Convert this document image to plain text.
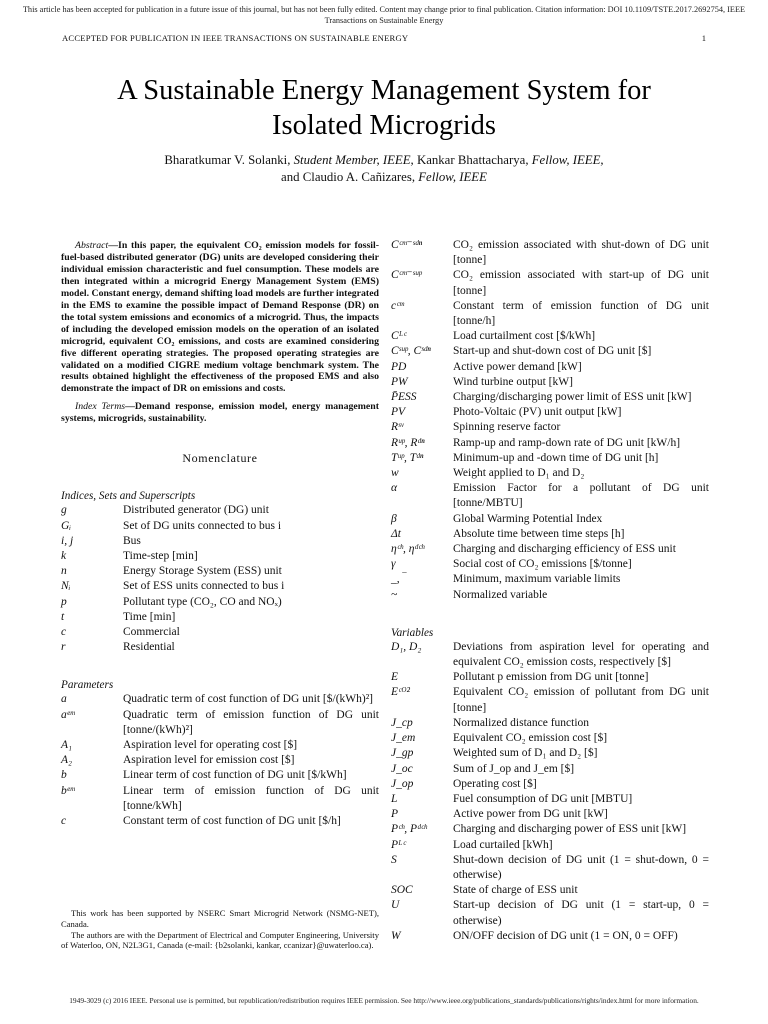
This article has been accepted for publication in a future issue of this journal, but has not been fully edited. Content may change prior to final publication. Citation information: DOI 10.1109/TSTE.2017.2692754, IEEE Transactions on Sustainable Energy
ACCEPTED FOR PUBLICATION IN IEEE TRANSACTIONS ON SUSTAINABLE ENERGY	1
A Sustainable Energy Management System for
Isolated Microgrids
Bharatkumar V. Solanki, Student Member, IEEE, Kankar Bhattacharya, Fellow, IEEE,
and Claudio A. Cañizares, Fellow, IEEE

Abstract—In this paper, the equivalent CO₂ emission models for fossil-fuel-based distributed generator (DG) units are developed considering their individual emission characteristic and fuel consumption. These models are then integrated within a microgrid Energy Management System (EMS) model. Constant energy, demand shifting load models are further integrated in the EMS to examine the possible impact of Demand Response (DR) on the total system emissions and economics of a microgrid. Thus, the impacts of including the developed emission models on the operation of an isolated microgrid, equivalent CO₂ emissions, and costs are examined considering five different operating strategies. The proposed operating strategies are validated on a modified CIGRE medium voltage benchmark system. The results obtained highlight the effectiveness of the proposed EMS and also demonstrate the impact of DR on emissions and costs.

Index Terms—Demand response, emission model, energy management systems, microgrids, sustainability.

Nomenclature
Indices, Sets and Superscripts
g	Distributed generator (DG) unit
Gᵢ	Set of DG units connected to bus i
i, j	Bus
k	Time-step [min]
n	Energy Storage System (ESS) unit
Nᵢ	Set of ESS units connected to bus i
p	Pollutant type (CO₂, CO and NOₓ)
t	Time [min]
c	Commercial
r	Residential
Parameters
a	Quadratic term of cost function of DG unit [$/(kWh)²]
aᵉᵐ	Quadratic term of emission function of DG unit [tonne/(kWh)²]
A₁	Aspiration level for operating cost [$]
A₂	Aspiration level for emission cost [$]
b	Linear term of cost function of DG unit [$/kWh]
bᵉᵐ	Linear term of emission function of DG unit [tonne/kWh]
c	Constant term of cost function of DG unit [$/h]

This work has been supported by NSERC Smart Microgrid Network (NSMG-NET), Canada.

The authors are with the Department of Electrical and Computer Engineering, University of Waterloo, ON, N2L3G1, Canada (e-mail: {b2solanki, kankar, ccanizar}@uwaterloo.ca).

Cᶜᵐ⁻ˢᵈⁿ	CO₂ emission associated with shut-down of DG unit [tonne]
Cᶜᵐ⁻ˢᵘᵖ	CO₂ emission associated with start-up of DG unit [tonne]
cᶜᵐ	Constant term of emission function of DG unit [tonne/h]
Cᴸᶜ	Load curtailment cost [$/kWh]
Cˢᵘᵖ, Cˢᵈⁿ	Start-up and shut-down cost of DG unit [$]
PD	Active power demand [kW]
PW	Wind turbine output [kW]
P̄ESS	Charging/discharging power limit of ESS unit [kW]
PV	Photo-Voltaic (PV) unit output [kW]
Rˢᵛ	Spinning reserve factor
Rᵘᵖ, Rᵈⁿ	Ramp-up and ramp-down rate of DG unit [kW/h]
Tᵘᵖ, Tᵈⁿ	Minimum-up and -down time of DG unit [h]
w	Weight applied to D₁ and D₂
α	Emission Factor for a pollutant of DG unit [tonne/MBTU]
β	Global Warming Potential Index
Δt	Absolute time between time steps [h]
ηᶜʰ, ηᵈᶜʰ	Charging and discharging efficiency of ESS unit
γ	Social cost of CO₂ emissions [$/tonne]
_, ‾	Minimum, maximum variable limits
~	Normalized variable
Variables
D₁, D₂	Deviations from aspiration level for operating and equivalent CO₂ emission costs, respectively [$]
E	Pollutant p emission from DG unit [tonne]
Eᶜᴼ²	Equivalent CO₂ emission of pollutant from DG unit [tonne]
J_cp	Normalized distance function
J_em	Equivalent CO₂ emission cost [$]
J_gp	Weighted sum of D₁ and D₂ [$]
J_oc	Sum of J_op and J_em [$]
J_op	Operating cost [$]
L	Fuel consumption of DG unit [MBTU]
P	Active power from DG unit [kW]
Pᶜʰ, Pᵈᶜʰ	Charging and discharging power of ESS unit [kW]
Pᴸᶜ	Load curtailed [kWh]
S	Shut-down decision of DG unit (1 = shut-down, 0 = otherwise)
SOC	State of charge of ESS unit
U	Start-up decision of DG unit (1 = start-up, 0 = otherwise)
W	ON/OFF decision of DG unit (1 = ON, 0 = OFF)
1949-3029 (c) 2016 IEEE. Personal use is permitted, but republication/redistribution requires IEEE permission. See http://www.ieee.org/publications_standards/publications/rights/index.html for more information.
